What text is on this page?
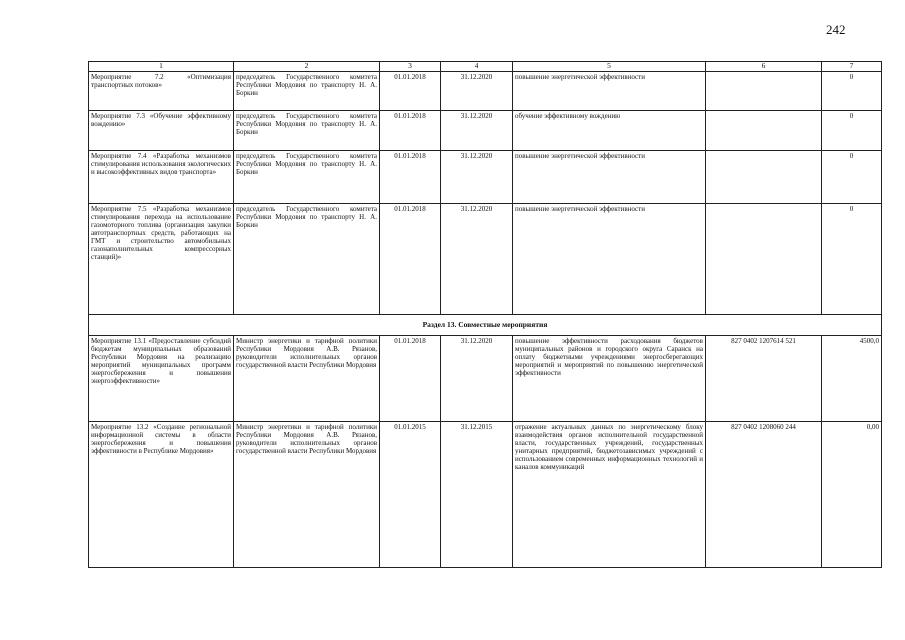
242
1	2	3	4	5	6	7
Мероприятие 7.2 «Оптимизация транспортных потоков»	председатель Государственного комитета Республики Мордовия по транспорту Н. А. Боркин	01.01.2018	31.12.2020	повышение энергетической эффективности		0
Мероприятие 7.3 «Обучение эффективному вождению»	председатель Государственного комитета Республики Мордовия по транспорту Н. А. Боркин	01.01.2018	31.12.2020	обучение эффективному вождению		0
Мероприятие 7.4 «Разработка механизмов стимулирования использования экологических и высокоэффективных видов транспорта»	председатель Государственного комитета Республики Мордовия по транспорту Н. А. Боркин	01.01.2018	31.12.2020	повышение энергетической эффективности		0
Мероприятие 7.5 «Разработка механизмов стимулирования перехода на использование газомоторного топлива (организация закупки автотранспортных средств, работающих на ГМТ и строительство автомобильных газонаполнительных компрессорных станций)»	председатель Государственного комитета Республики Мордовия по транспорту Н. А. Боркин	01.01.2018	31.12.2020	повышение энергетической эффективности		0
Раздел 13. Совместные мероприятия						
Мероприятие 13.1 «Предоставление субсидий бюджетам муниципальных образований Республики Мордовия на реализацию мероприятий муниципальных программ энергосбережения и повышения энергоэффективности»	Министр энергетики и тарифной политики Республики Мордовия А.В. Рязанов, руководители исполнительных органов государственной власти Республики Мордовия	01.01.2018	31.12.2020	повышение эффективности расходования бюджетов муниципальных районов и городского округа Саранск на оплату бюджетными учреждениями энергосберегающих мероприятий и мероприятий по повышению энергетической эффективности	827 0402 1207614 521	4500,0
Мероприятие 13.2 «Создание региональной информационной системы в области энергосбережения и повышения эффективности в Республике Мордовия»	Министр энергетики и тарифной политики Республики Мордовия А.В. Рязанов, руководители исполнительных органов государственной власти Республики Мордовия	01.01.2015	31.12.2015	отражение актуальных данных по энергетическому блоку взаимодействия органов исполнительной государственной власти, государственных учреждений, государственных унитарных предприятий, бюджетозависимых учреждений с использованием современных информационных технологий и каналов коммуникаций	827 0402 1208060 244	0,00
